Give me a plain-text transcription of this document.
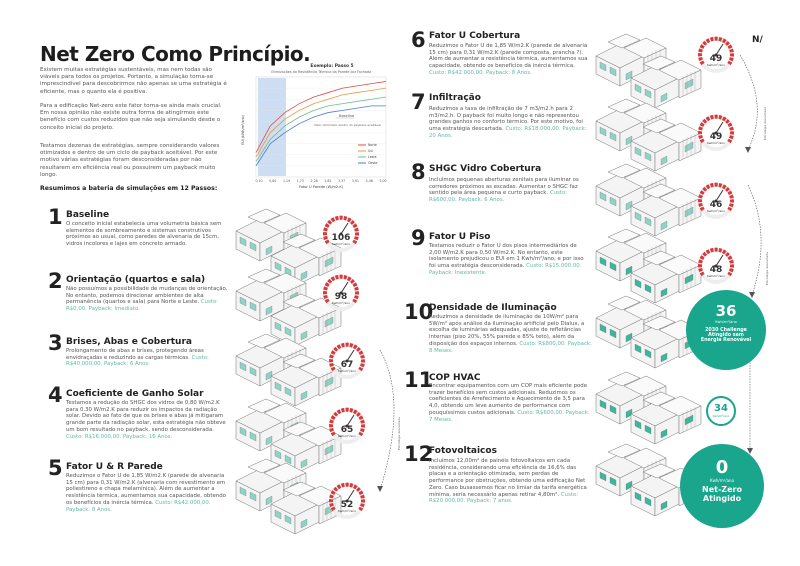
Net Zero Como Princípio.
Existem muitas estratégias sustentáveis, mas nem todas são viáveis para todos os projetos. Portanto, a simulação torna-se imprescindível para descobrirmos não apenas se uma estratégia é eficiente, mas o quanto ela é positiva.
Para a edificação Net-zero este fator torna-se ainda mais crucial. Em nossa opinião não existe outra forma de atingirmos este benefício com custos reduzidos que não seja simulando desde o conceito inicial do projeto.
Testamos dezenas de estratégias, sempre considerando valores otimizados e dentro de um ciclo de payback aceitável. Por este motivo várias estratégias foram desconsideradas por não resultarem em eficiência real ou possuirem um payback muito longo.
Resumimos a bateria de simulações em 12 Passos:
Exemplo: Passo 5
Otimizações da Resistência Térmica da Parede por Fachada
0,10 0,64 1,19 1,73 2,28 2,82 3,37 3,91 4,46 5,00
Fator U Parede (W/m2.K)
EUI (kWh/m²/ano)	Baseline
Valor otimizado dentro do payback aceitável
Norte
Sul
Leste
Oeste
1 Baseline
O conceito inicial estabelecia uma volumetria básica sem elementos de sombreamento e sistemas construtivos próximos ao usual, como paredes de alvenaria de 15cm, vidros incolores e lajes em concreto armado.
2 Orientação (quartos e sala)
Não possuímos a possibilidade de mudanças de orientação. No entanto, podemos direcionar ambientes de alta permanência (quartos e sala) para Norte e Leste. Custo: R$0,00. Payback: Imediato.
3 Brises, Abas e Cobertura
Prolongamento de abas e brises, protegendo áreas envidraçadas e reduzindo as cargas térmicas. Custo: R$40.000,00. Payback: 6 Anos.
4 Coeficiente de Ganho Solar
Testamos a redução do SHGC dos vidros de 0,80 W/m2.K para 0,30 W/m2.K para reduzir os impactos da radiação solar. Devido ao fato de que os brises e abas já mitigaram grande parte da radiação solar, esta estratégia não obteve um bom resultado no payback, sendo desconsiderada. Custo: R$16.000,00. Payback: 16 Anos.
5 Fator U & R Parede
Reduzimos o Fator U de 1,85 W/m2.K (parede de alvenaria 15 cm) para 0,31 W/m2.K (alvenaria com revestimento em poliestireno e chapa melamínica). Além de aumentar a resistência térmica, aumentamos sua capacidade, obtendo os benefícios da inércia térmica. Custo: R$42.000,00. Payback: 8 Anos.
6 Fator U Cobertura
Reduzimos o Fator U de 1,85 W/m2.K (parede de alvenaria 15 cm) para 0,31 W/m2.K (parede composta, prancha ?). Além de aumentar a resistência térmica, aumentamos sua capacidade, obtendo os benefícios da inércia térmica. Custo: R$42.000,00. Payback: 8 Anos.
7 Infiltração
Reduzimos a taxa de infiltração de 7 m3/m2.h para 2 m3/m2.h. O payback foi muito longo e não representou grandes ganhos no conforto térmico. Por este motivo, foi uma estratégia descartada. Custo: R$18.000,00. Payback: 20 Anos.
8 SHGC Vidro Cobertura
Incluímos pequenas aberturas zenitais para iluminar os corredores próximos as escadas. Aumentar o SHGC faz sentido pela área pequena e curto payback. Custo: R$600,00. Payback: 6 Anos.
9 Fator U Piso
Testamos reduzir o Fator U dos pisos intermediários de 2,00 W/m2.K para 0,50 W/m2.K. No entanto, este isolamento prejudicou o EUI em 1 Kwh/m²/ano, e por isso foi uma estratégia desconsiderada. Custo: R$15.000,00. Payback: Inexistente.
10
Densidade de Iluminação
Reduzimos a densidade de iluminação de 10W/m² para 5W/m² após análise da iluminação artificial pelo Dialux, a escolha de luminárias adequadas, ajuste de refletâncias internas (piso 20%, 55% parede e 85% teto), além da disposição dos espaços internos. Custo: R$800,00. Payback: 8 Meses.
11
COP HVAC
Encontrar equipamentos com um COP mais eficiente pode trazer benefícios sem custos adicionais. Reduzimos os coeficientes de Arrefecimento e Aquecimento de 3,5 para 4,0, obtendo um leve aumento de performance com pouquíssimos custos adicionais. Custo: R$600,00. Payback: 7 Meses.
12
Fotovoltaicos
Incluímos 12,00m² de painéis fotovoltaicos em cada residência, considerando uma eficiência de 16,6% das placas e a orientação otimizada, sem perdas de performance por obstruções, obtendo uma edificação Net Zero. Caso busassemos ficar no limiar da tarifa energética mínima, seria necessário apenas retirar 4,80m². Custo: R$20.000,00. Payback: 7 anos.
106
Kwh/m²/ano
98
Kwh/m²/ano
67
Kwh/m²/ano
65
Kwh/m²/ano
52
Kwh/m²/ano
49
Kwh/m²/ano
49
Kwh/m²/ano
46
Kwh/m²/ano
48
Kwh/m²/ano
Estratégia descartada
Estratégia descartada
Estratégia descartada
36
Kwh/m²/ano
2030 Challenge
Atingido sem
Energia Renovável
34
Kwh/m²/ano
0
Kwh/m²/ano
Net-Zero
Atingido
N/
